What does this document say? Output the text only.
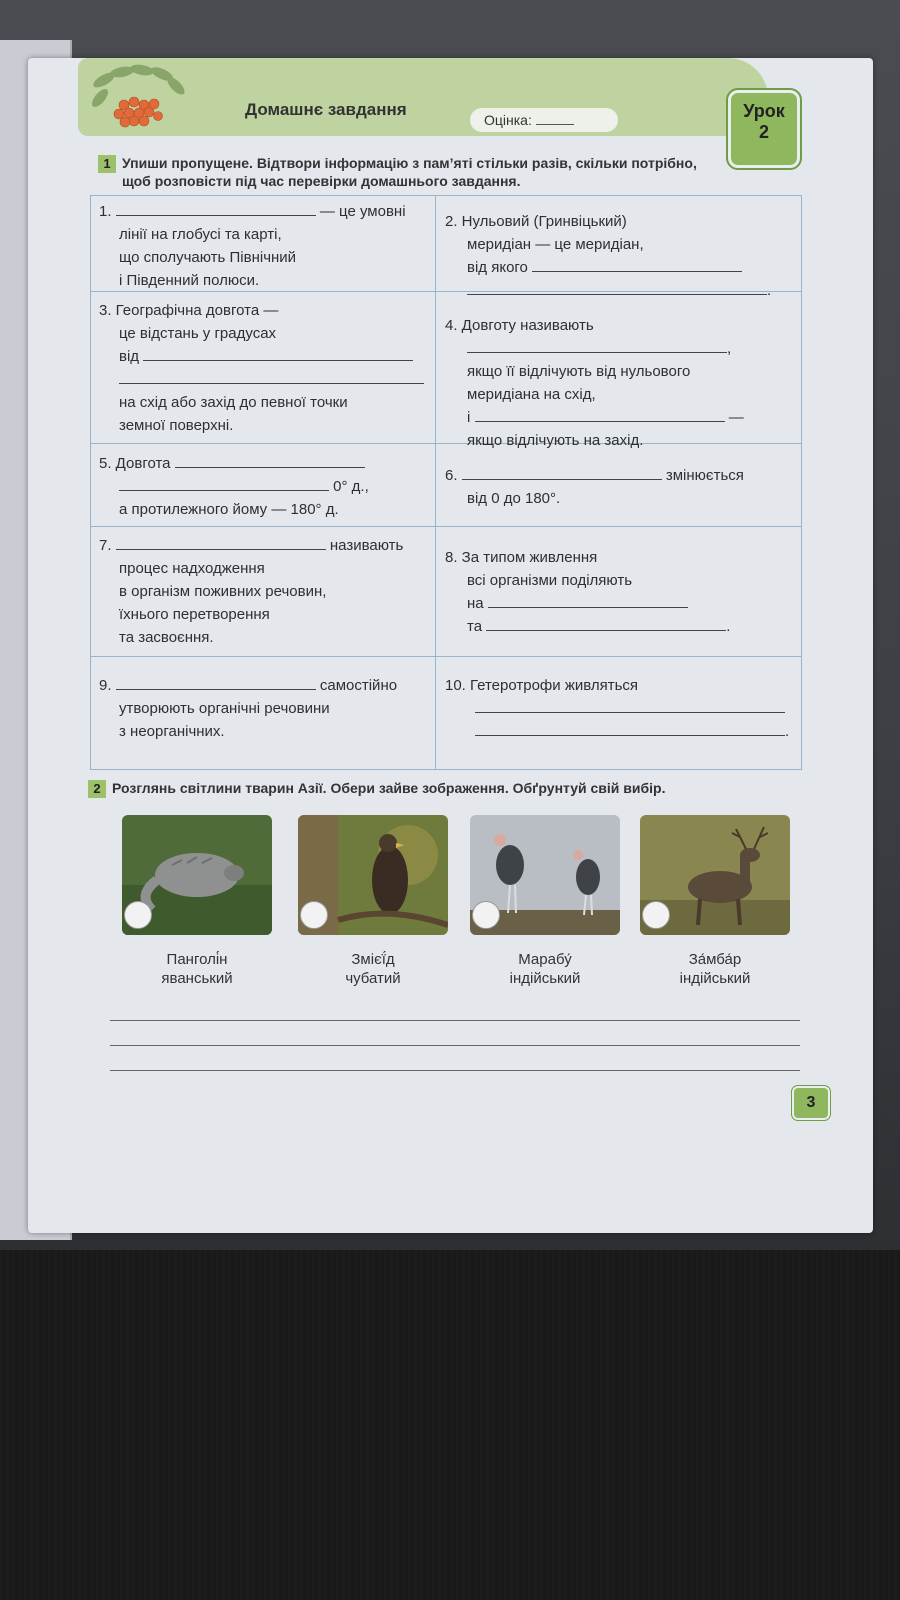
Домашнє завдання
Оцінка:	Урок
2
1 Упиши пропущене. Відтвори інформацію з пам’яті стільки разів, скільки потрібно,
щоб розповісти під час перевірки домашнього завдання.
1.	— це умовні
лінії на глобусі та карті,
що сполучають Північний
і Південний полюси.
2. Нульовий (Гринвіцький)
меридіан — це меридіан,
від якого
.
3. Географічна довгота —
це відстань у градусах
від
на схід або захід до певної точки
земної поверхні.
4. Довготу називають
,
якщо її відлічують від нульового
меридіана на схід,
і	—
якщо відлічують на захід.
5. Довгота
0° д.,
а протилежного йому — 180° д.
6.	змінюється
від 0 до 180°.
7.	називають
процес надходження
в організм поживних речовин,
їхнього перетворення
та засвоєння.
8. За типом живлення
всі організми поділяють
на
та	.
9.	самостійно
утворюють органічні речовини
з неорганічних.
10. Гетеротрофи живляться
.
2 Розглянь світлини тварин Азії. Обери зайве зображення. Обґрунтуй свій вибір.
Панголі́н
яванський
Змієї́д
чубатий
Марабу́
індійський
За́мба́р
індійський
3
